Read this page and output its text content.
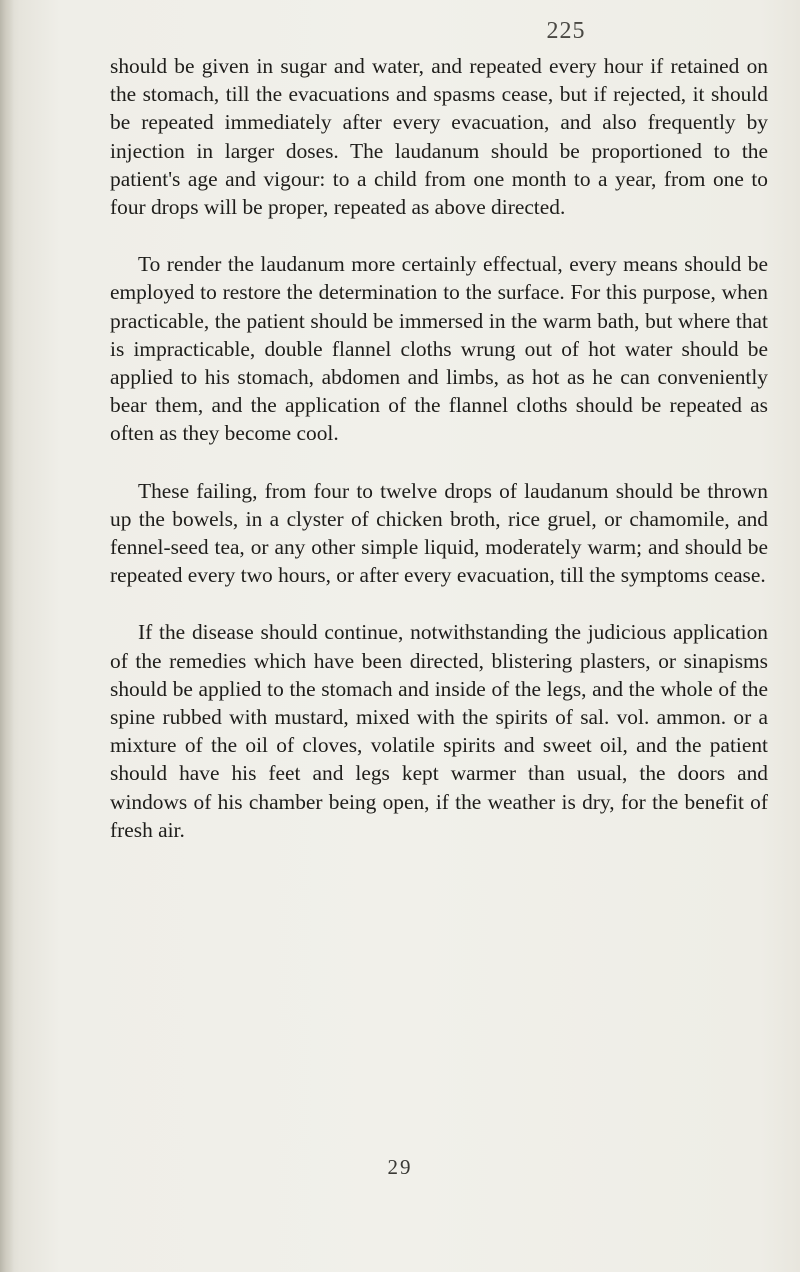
225

should be given in sugar and water, and repeated every hour if retained on the stomach, till the evacuations and spasms cease, but if rejected, it should be repeated immediately after every evacuation, and also frequently by injection in larger doses. The laudanum should be proportioned to the patient's age and vigour: to a child from one month to a year, from one to four drops will be proper, repeated as above directed.

To render the laudanum more certainly effectual, every means should be employed to restore the determination to the surface. For this purpose, when practicable, the patient should be immersed in the warm bath, but where that is impracticable, double flannel cloths wrung out of hot water should be applied to his stomach, abdomen and limbs, as hot as he can conveniently bear them, and the application of the flannel cloths should be repeated as often as they become cool.

These failing, from four to twelve drops of laudanum should be thrown up the bowels, in a clyster of chicken broth, rice gruel, or chamomile, and fennel-seed tea, or any other simple liquid, moderately warm; and should be repeated every two hours, or after every evacuation, till the symptoms cease.

If the disease should continue, notwithstanding the judicious application of the remedies which have been directed, blistering plasters, or sinapisms should be applied to the stomach and inside of the legs, and the whole of the spine rubbed with mustard, mixed with the spirits of sal. vol. ammon. or a mixture of the oil of cloves, volatile spirits and sweet oil, and the patient should have his feet and legs kept warmer than usual, the doors and windows of his chamber being open, if the weather is dry, for the benefit of fresh air.

29
